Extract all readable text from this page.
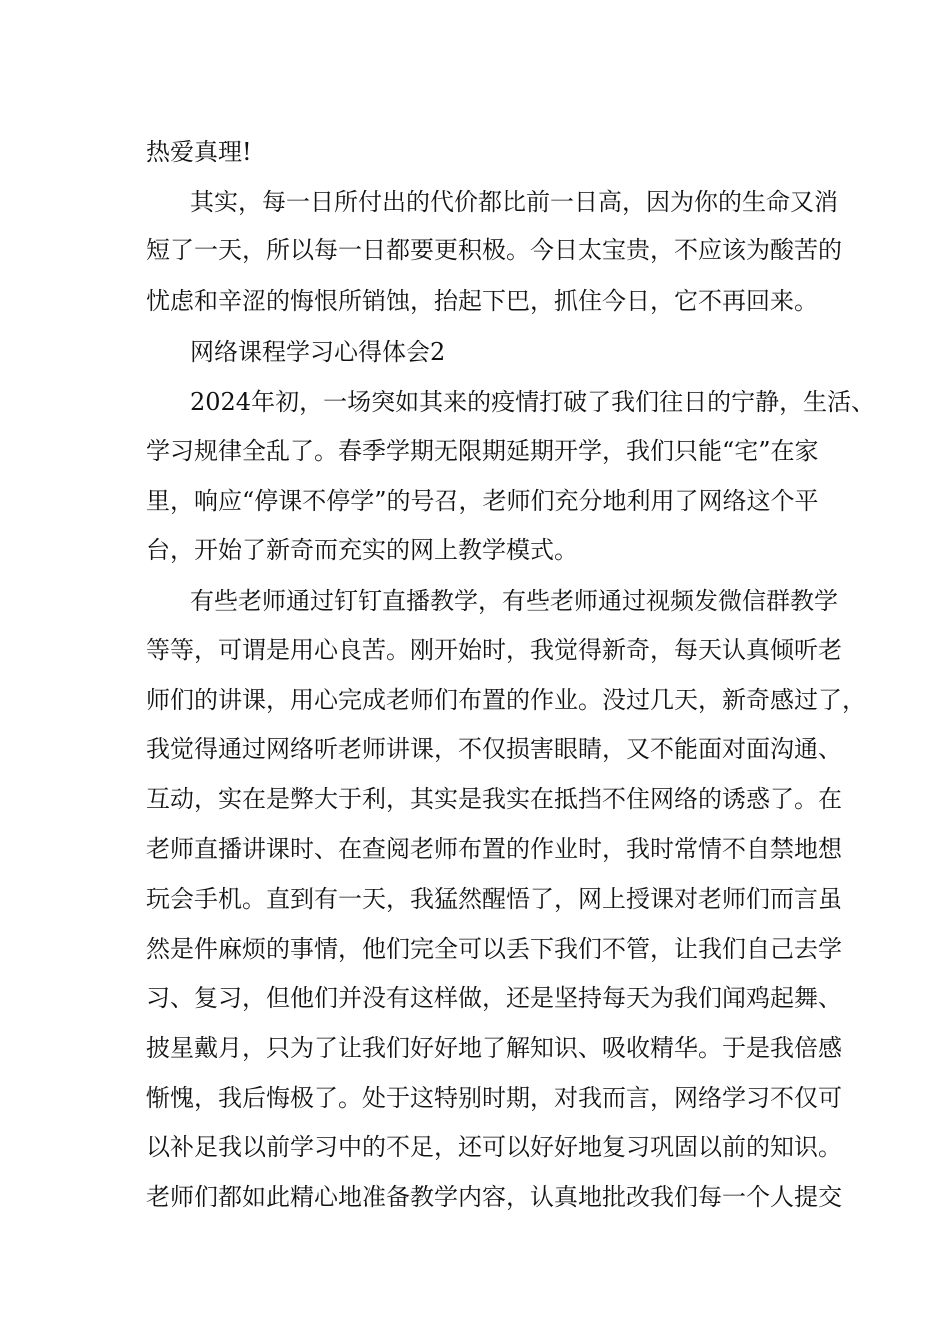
热爱真理!
其实，每一日所付出的代价都比前一日高，因为你的生命又消
短了一天，所以每一日都要更积极。今日太宝贵，不应该为酸苦的
忧虑和辛涩的悔恨所销蚀，抬起下巴，抓住今日，它不再回来。
网络课程学习心得体会2
2024年初，一场突如其来的疫情打破了我们往日的宁静，生活、
学习规律全乱了。春季学期无限期延期开学，我们只能“宅”在家
里，响应“停课不停学”的号召，老师们充分地利用了网络这个平
台，开始了新奇而充实的网上教学模式。
有些老师通过钉钉直播教学，有些老师通过视频发微信群教学
等等，可谓是用心良苦。刚开始时，我觉得新奇，每天认真倾听老
师们的讲课，用心完成老师们布置的作业。没过几天，新奇感过了，
我觉得通过网络听老师讲课，不仅损害眼睛，又不能面对面沟通、
互动，实在是弊大于利，其实是我实在抵挡不住网络的诱惑了。在
老师直播讲课时、在查阅老师布置的作业时，我时常情不自禁地想
玩会手机。直到有一天，我猛然醒悟了，网上授课对老师们而言虽
然是件麻烦的事情，他们完全可以丢下我们不管，让我们自己去学
习、复习，但他们并没有这样做，还是坚持每天为我们闻鸡起舞、
披星戴月，只为了让我们好好地了解知识、吸收精华。于是我倍感
惭愧，我后悔极了。处于这特别时期，对我而言，网络学习不仅可
以补足我以前学习中的不足，还可以好好地复习巩固以前的知识。
老师们都如此精心地准备教学内容，认真地批改我们每一个人提交
